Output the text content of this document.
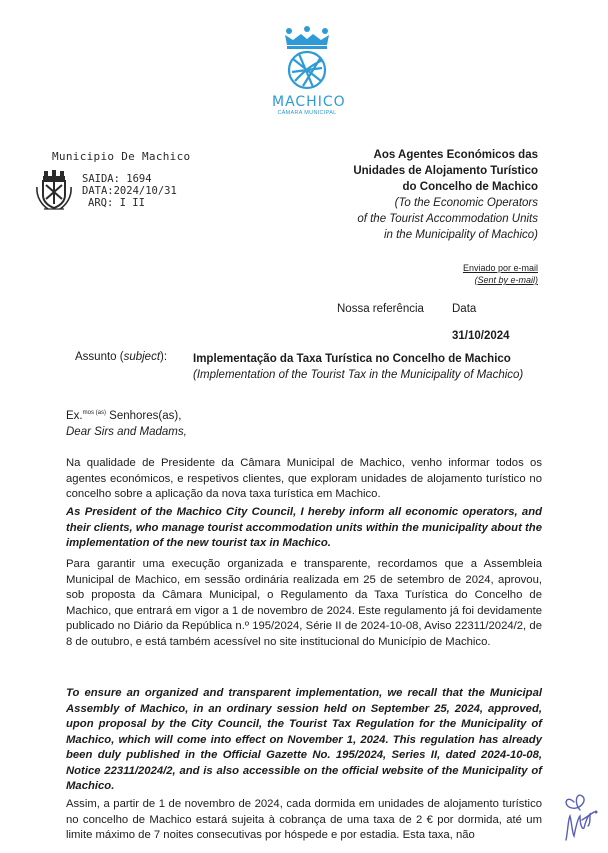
MACHICO
CÂMARA MUNICIPAL
Municipio De Machico
SAIDA: 1694
DATA:2024/10/31
ARQ: I II
Aos Agentes Económicos das
Unidades de Alojamento Turístico
do Concelho de Machico
(To the Economic Operators
of the Tourist Accommodation Units
in the Municipality of Machico)
Enviado por e-mail
(Sent by e-mail)
Nossa referência Data
31/10/2024
Assunto (subject): Implementação da Taxa Turística no Concelho de Machico
(Implementation of the Tourist Tax in the Municipality of Machico)
Ex.$^{mos (as)}$ Senhores(as),
Dear Sirs and Madams,

Na qualidade de Presidente da Câmara Municipal de Machico, venho informar todos os agentes económicos, e respetivos clientes, que exploram unidades de alojamento turístico no concelho sobre a aplicação da nova taxa turística em Machico.

As President of the Machico City Council, I hereby inform all economic operators, and their clients, who manage tourist accommodation units within the municipality about the implementation of the new tourist tax in Machico.

Para garantir uma execução organizada e transparente, recordamos que a Assembleia Municipal de Machico, em sessão ordinária realizada em 25 de setembro de 2024, aprovou, sob proposta da Câmara Municipal, o Regulamento da Taxa Turística do Concelho de Machico, que entrará em vigor a 1 de novembro de 2024. Este regulamento já foi devidamente publicado no Diário da República n.º 195/2024, Série II de 2024-10-08, Aviso 22311/2024/2, de 8 de outubro, e está também acessível no site institucional do Município de Machico.

To ensure an organized and transparent implementation, we recall that the Municipal Assembly of Machico, in an ordinary session held on September 25, 2024, approved, upon proposal by the City Council, the Tourist Tax Regulation for the Municipality of Machico, which will come into effect on November 1, 2024. This regulation has already been duly published in the Official Gazette No. 195/2024, Series II, dated 2024-10-08, Notice 22311/2024/2, and is also accessible on the official website of the Municipality of Machico.

Assim, a partir de 1 de novembro de 2024, cada dormida em unidades de alojamento turístico no concelho de Machico estará sujeita à cobrança de uma taxa de 2 € por dormida, até um limite máximo de 7 noites consecutivas por hóspede e por estadia. Esta taxa, não
